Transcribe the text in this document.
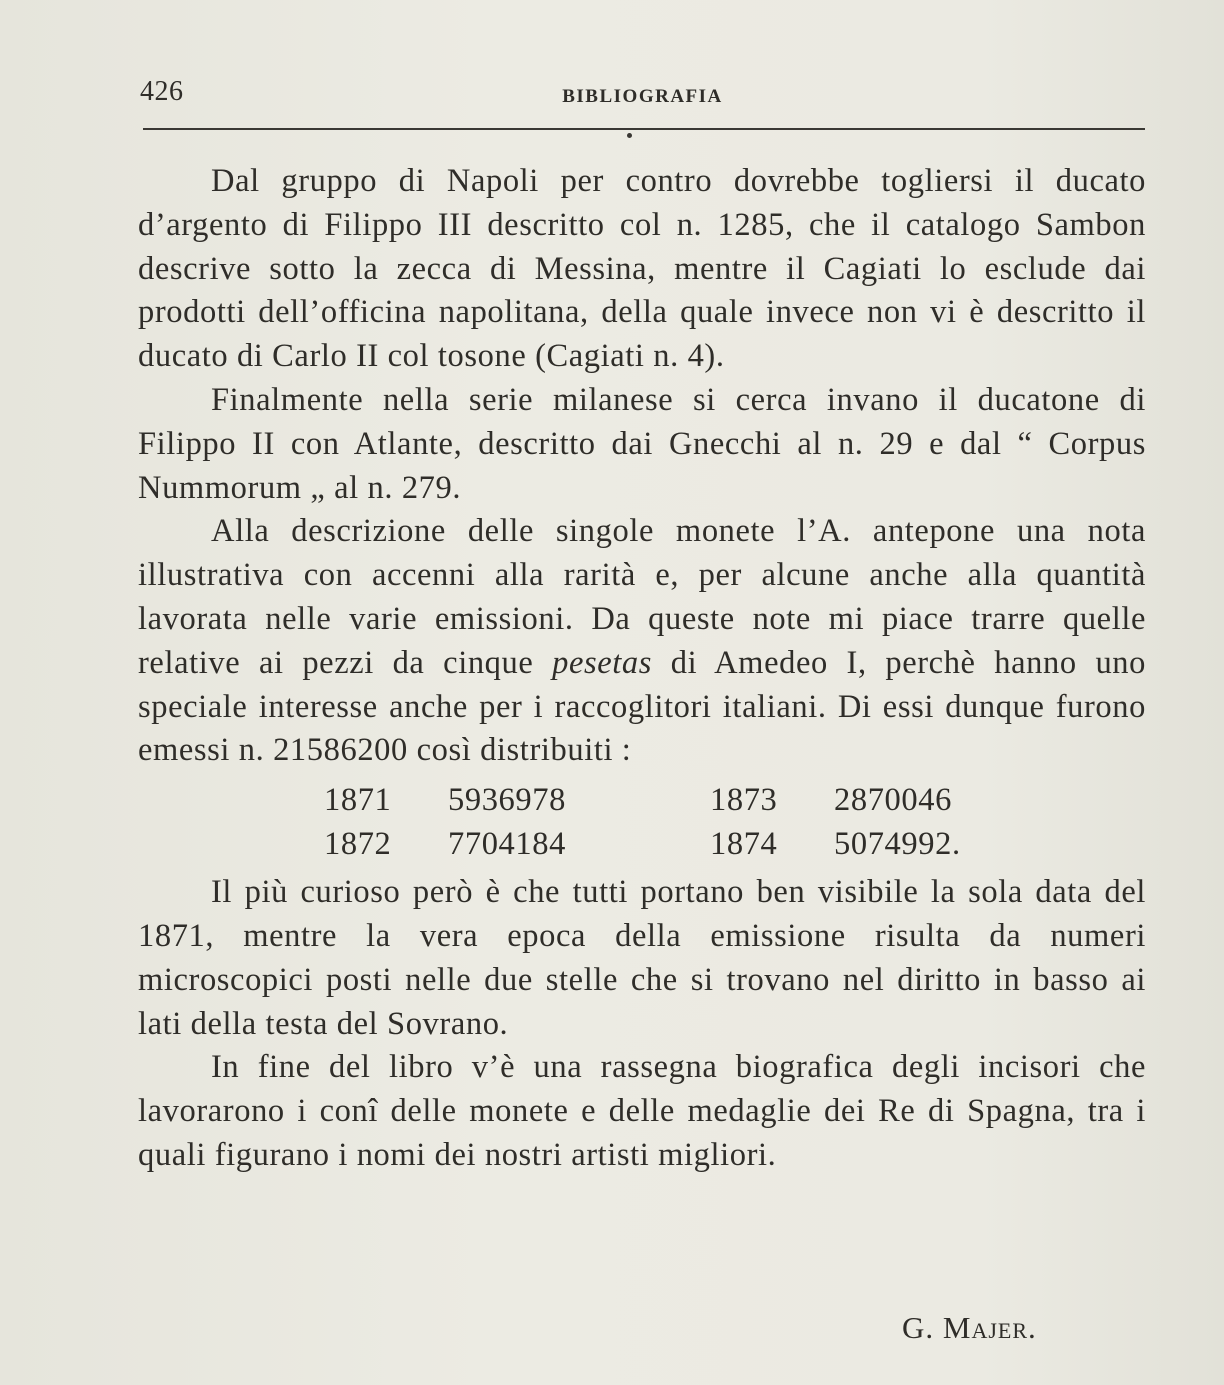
426	BIBLIOGRAFIA

Dal gruppo di Napoli per contro dovrebbe togliersi il ducato d’argento di Filippo III descritto col n. 1285, che il catalogo Sambon descrive sotto la zecca di Messina, mentre il Cagiati lo esclude dai prodotti dell’officina napolitana, della quale invece non vi è descritto il ducato di Carlo II col tosone (Cagiati n. 4).

Finalmente nella serie milanese si cerca invano il ducatone di Filippo II con Atlante, descritto dai Gnecchi al n. 29 e dal “ Corpus Nummorum „ al n. 279.

Alla descrizione delle singole monete l’A. antepone una nota illustrativa con accenni alla rarità e, per alcune anche alla quantità lavorata nelle varie emissioni. Da queste note mi piace trarre quelle relative ai pezzi da cinque pesetas di Amedeo I, perchè hanno uno speciale interesse anche per i raccoglitori italiani. Di essi dunque furono emessi n. 21586200 così distribuiti :

1871 5936978	1873 2870046
1872 7704184	1874 5074992.

Il più curioso però è che tutti portano ben visibile la sola data del 1871, mentre la vera epoca della emissione risulta da numeri microscopici posti nelle due stelle che si trovano nel diritto in basso ai lati della testa del Sovrano.

In fine del libro v’è una rassegna biografica degli incisori che lavorarono i conî delle monete e delle medaglie dei Re di Spagna, tra i quali figurano i nomi dei nostri artisti migliori.

G. Majer.
